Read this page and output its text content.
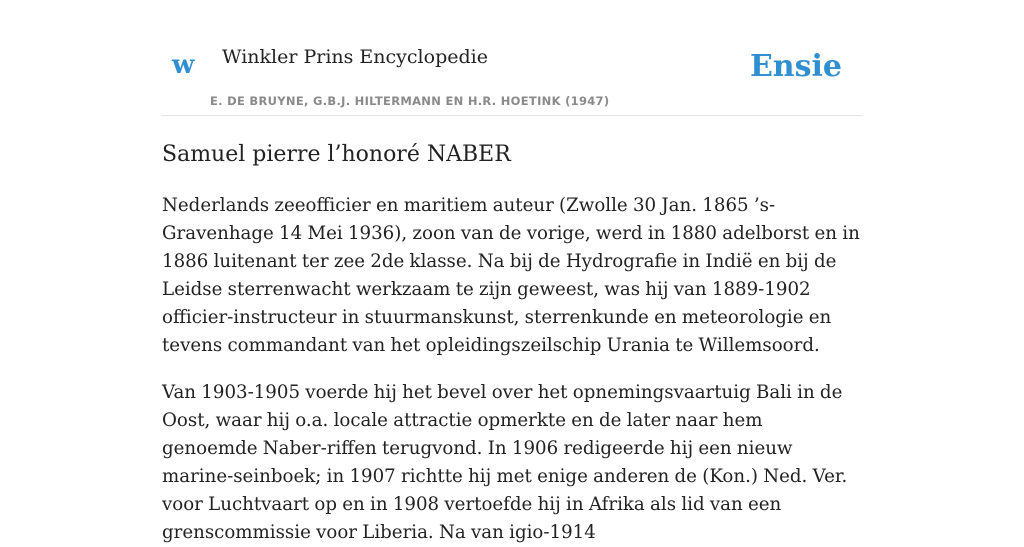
w Winkler Prins Encyclopedie
E. DE BRUYNE, G.B.J. HILTERMANN EN H.R. HOETINK (1947)
Ensie
Samuel pierre l’honoré NABER

Nederlands zeeofficier en maritiem auteur (Zwolle 30 Jan. 1865 ’s-Gravenhage 14 Mei 1936), zoon van de vorige, werd in 1880 adelborst en in 1886 luitenant ter zee 2de klasse. Na bij de Hydrografie in Indië en bij de Leidse sterrenwacht werkzaam te zijn geweest, was hij van 1889-1902 officier-instructeur in stuurmanskunst, sterrenkunde en meteorologie en tevens commandant van het opleidingszeilschip Urania te Willemsoord.

Van 1903-1905 voerde hij het bevel over het opnemingsvaartuig Bali in de Oost, waar hij o.a. locale attractie opmerkte en de later naar hem genoemde Naber-riffen terugvond. In 1906 redigeerde hij een nieuw marine-seinboek; in 1907 richtte hij met enige anderen de (Kon.) Ned. Ver. voor Luchtvaart op en in 1908 vertoefde hij in Afrika als lid van een grenscommissie voor Liberia. Na van igio-1914
